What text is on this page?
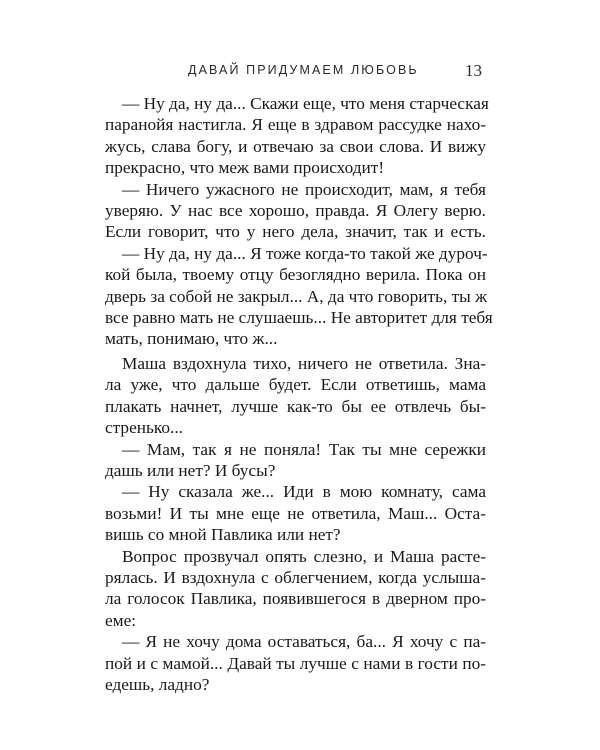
ДАВАЙ ПРИДУМАЕМ ЛЮБОВЬ	13
— Ну да, ну да... Скажи еще, что меня старческая
паранойя настигла. Я еще в здравом рассудке нахо-
жусь, слава богу, и отвечаю за свои слова. И вижу
прекрасно, что меж вами происходит!
— Ничего ужасного не происходит, мам, я тебя
уверяю. У нас все хорошо, правда. Я Олегу верю.
Если говорит, что у него дела, значит, так и есть.
— Ну да, ну да... Я тоже когда-то такой же дуроч-
кой была, твоему отцу безоглядно верила. Пока он
дверь за собой не закрыл... А, да что говорить, ты ж
все равно мать не слушаешь... Не авторитет для тебя
мать, понимаю, что ж...
Маша вздохнула тихо, ничего не ответила. Зна-
ла уже, что дальше будет. Если ответишь, мама
плакать начнет, лучше как-то бы ее отвлечь бы-
стренько...
— Мам, так я не поняла! Так ты мне сережки
дашь или нет? И бусы?
— Ну сказала же... Иди в мою комнату, сама
возьми! И ты мне еще не ответила, Маш... Оста-
вишь со мной Павлика или нет?
Вопрос прозвучал опять слезно, и Маша расте-
рялась. И вздохнула с облегчением, когда услыша-
ла голосок Павлика, появившегося в дверном про-
еме:
— Я не хочу дома оставаться, ба... Я хочу с па-
пой и с мамой... Давай ты лучше с нами в гости по-
едешь, ладно?
